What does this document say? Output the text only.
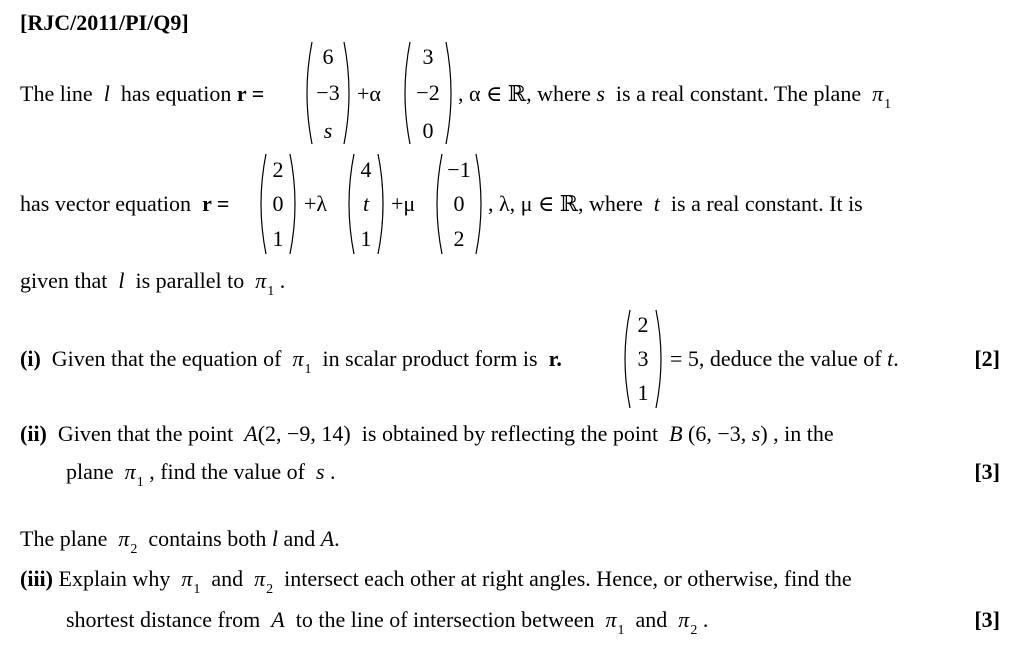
[RJC/2011/PI/Q9]
The line l has equation r =
6
−3
s
+α
3
−2
0
, α ∈ ℝ, where s is a real constant. The plane $\pi_1$
has vector equation r =
2
0
1
+λ
4
t
1
+μ
−1
0
2
, λ, μ ∈ ℝ, where t is a real constant. It is
given that l is parallel to $\pi_1$ .
(i) Given that the equation of $\pi_1$ in scalar product form is r.
2
3
1
= 5, deduce the value of t.	[2]
(ii) Given that the point A(2, −9, 14) is obtained by reflecting the point B (6, −3, s) , in the
plane $\pi_1$ , find the value of s .	[3]
The plane $\pi_2$ contains both l and A.
(iii) Explain why $\pi_1$ and $\pi_2$ intersect each other at right angles. Hence, or otherwise, find the
shortest distance from A to the line of intersection between $\pi_1$ and $\pi_2$ .	[3]
